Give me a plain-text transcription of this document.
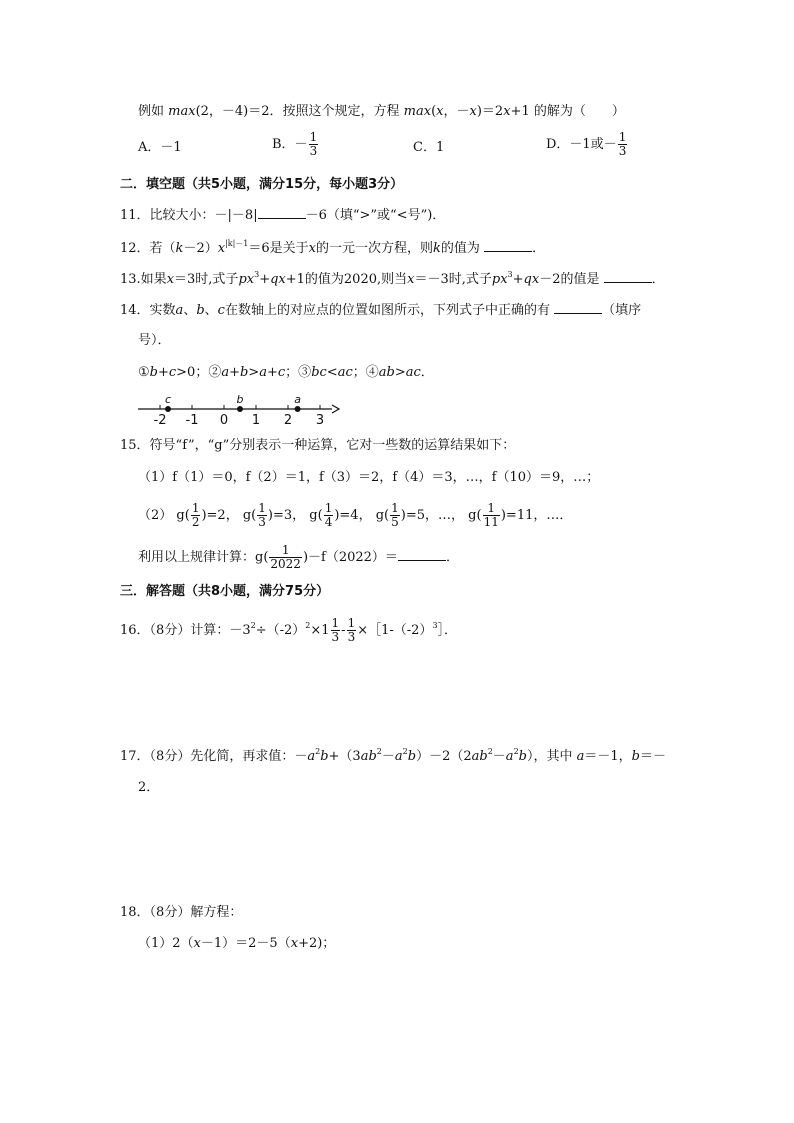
例如 max(2，－4)＝2．按照这个规定，方程 max(x，－x)＝2x+1 的解为（　　）
A．－1	B．－ $\frac{1}{3}$	C．1	D．－1或－ $\frac{1}{3}$
二．填空题（共5小题，满分15分，每小题3分）
11．比较大小：－|－8|	－6（填“>”或“<号”)．
12．若$(k-2)x^{|k|-1}=6$是关于x的一元一次方程，则k的值为	．
13.如果x＝3时,式子$px^3+qx+1$的值为2020,则当x＝－3时,式子$px^3+qx-2$的值是	．
14．实数a、b、c在数轴上的对应点的位置如图所示，下列式子中正确的有	（填序
号）．
①b+c>0；②a+b>a+c；③bc<ac；④ab>ac．
-2 -1 0 1 2 3
c	b	a
15．符号“f”，“g”分别表示一种运算，它对一些数的运算结果如下：
（1）f（1）＝0，f（2）＝1，f（3）＝2，f（4）＝3，…，f（10）＝9，…；
（2） $g( \frac{1}{2} )=2$， $g( \frac{1}{3} )=3$， $g( \frac{1}{4} )=4$， $g( \frac{1}{5} )=5$，…， $g( \frac{1}{11} )=11$，…．
利用以上规律计算：$g( \frac{1}{2022} )-f(2022)=$	．
三．解答题（共8小题，满分75分）
16．（8分）计算：$-3^2\div(-2)^2\times 1 \frac{1}{3} - \frac{1}{3}$ $\times[1-(-2)^3]$．
17．（8分）先化简，再求值：$-a^2b+(3ab^2-a^2b)-2(2ab^2-a^2b)$，其中 a＝－1，b＝－
2．
18．（8分）解方程：
（1）2（x－1）＝2－5（x+2)；
